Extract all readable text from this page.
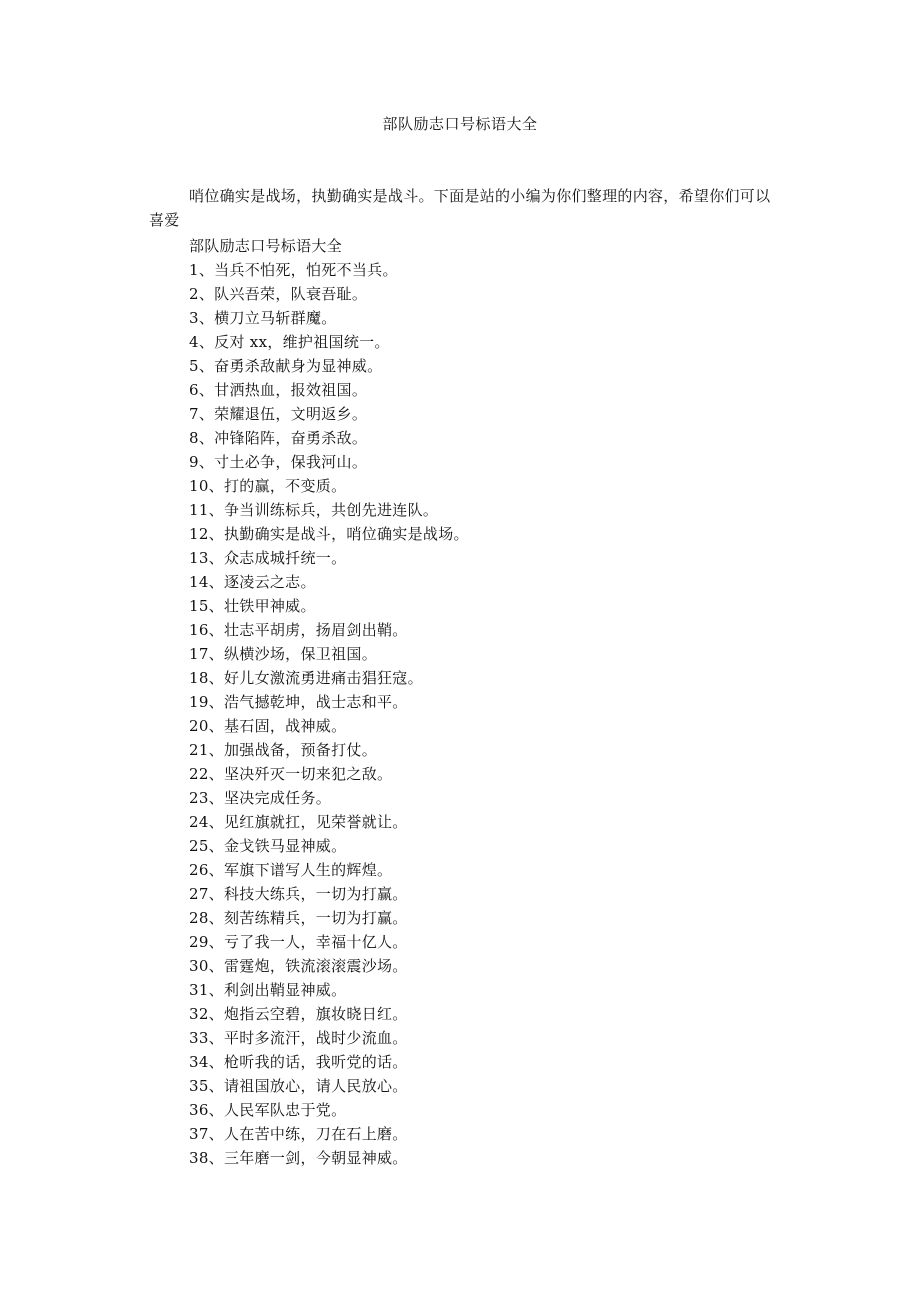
部队励志口号标语大全
哨位确实是战场，执勤确实是战斗。下面是站的小编为你们整理的内容，希望你们可以喜爱
部队励志口号标语大全
1、当兵不怕死，怕死不当兵。
2、队兴吾荣，队衰吾耻。
3、横刀立马斩群魔。
4、反对 xx，维护祖国统一。
5、奋勇杀敌献身为显神威。
6、甘洒热血，报效祖国。
7、荣耀退伍，文明返乡。
8、冲锋陷阵，奋勇杀敌。
9、寸土必争，保我河山。
10、打的赢，不变质。
11、争当训练标兵，共创先进连队。
12、执勤确实是战斗，哨位确实是战场。
13、众志成城扦统一。
14、逐凌云之志。
15、壮铁甲神威。
16、壮志平胡虏，扬眉剑出鞘。
17、纵横沙场，保卫祖国。
18、好儿女激流勇进痛击猖狂寇。
19、浩气撼乾坤，战士志和平。
20、基石固，战神威。
21、加强战备，预备打仗。
22、坚决歼灭一切来犯之敌。
23、坚决完成任务。
24、见红旗就扛，见荣誉就让。
25、金戈铁马显神威。
26、军旗下谱写人生的辉煌。
27、科技大练兵，一切为打赢。
28、刻苦练精兵，一切为打赢。
29、亏了我一人，幸福十亿人。
30、雷霆炮，铁流滚滚震沙场。
31、利剑出鞘显神威。
32、炮指云空碧，旗妆晓日红。
33、平时多流汗，战时少流血。
34、枪听我的话，我听党的话。
35、请祖国放心，请人民放心。
36、人民军队忠于党。
37、人在苦中练，刀在石上磨。
38、三年磨一剑，今朝显神威。
